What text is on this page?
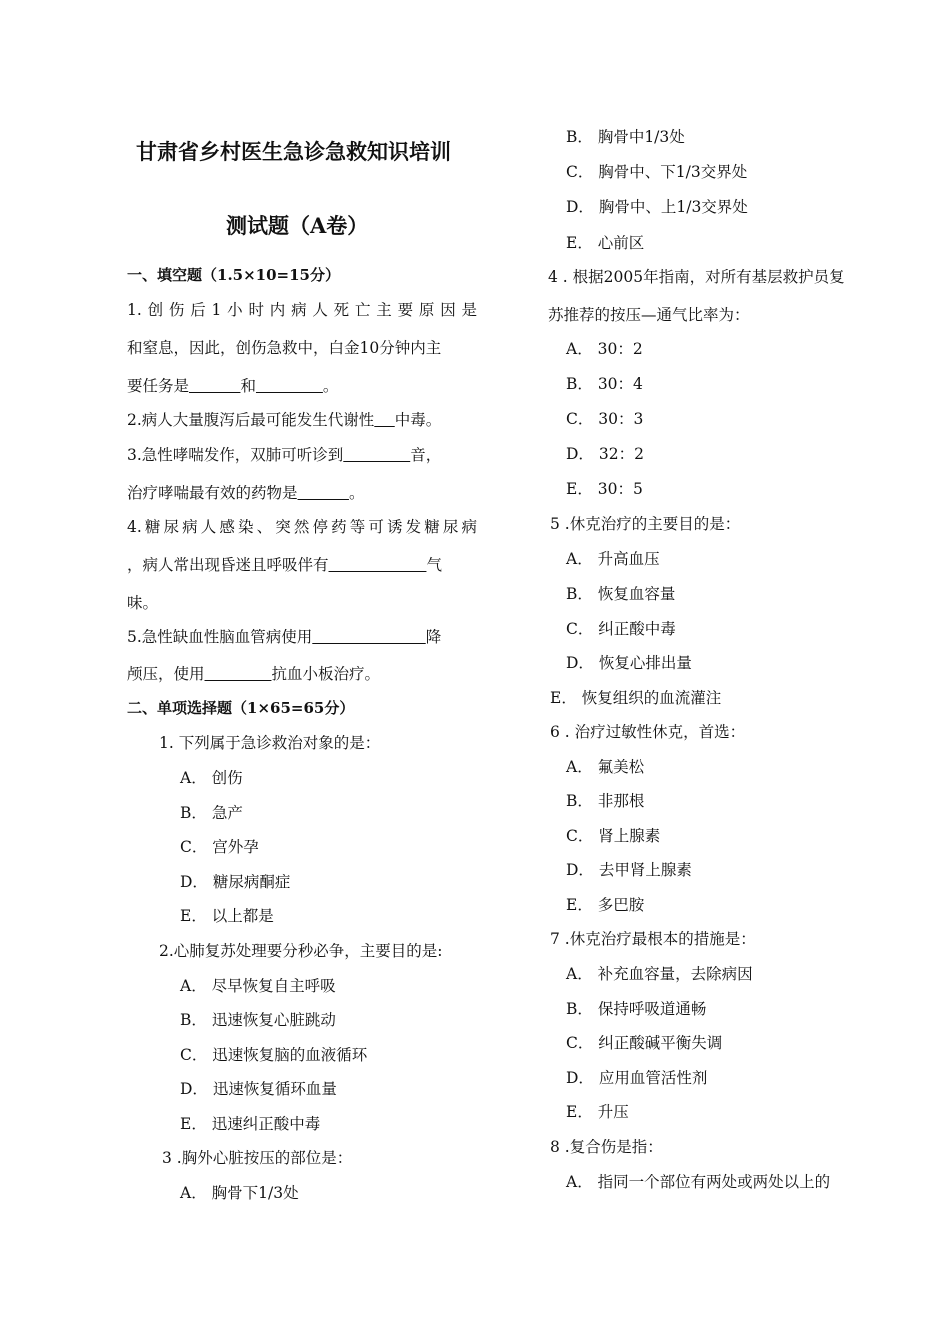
甘肃省乡村医生急诊急救知识培训
测试题（A卷）
一、填空题（1.5×10=15分）
1.创伤后1小时内病人死亡主要原因是
和窒息，因此，创伤急救中，白金10分钟内主
要任务是   	和    	。
2.病人大量腹泻后最可能发生代谢性   中毒。
3.急性哮喘发作，双肺可听诊到    	音，
治疗哮喘最有效的药物是   	。
4.糖尿病人感染、突然停药等可诱发糖尿病
，病人常出现昏迷且呼吸伴有      	气
味。
5.急性缺血性脑血管病使用       	降
颅压，使用    	抗血小板治疗。
二、单项选择题（1×65=65分）
1. 下列属于急诊救治对象的是：
A． 创伤
B． 急产
C． 宫外孕
D． 糖尿病酮症
E． 以上都是
2.心肺复苏处理要分秒必争，主要目的是:
A． 尽早恢复自主呼吸
B． 迅速恢复心脏跳动
C． 迅速恢复脑的血液循环
D． 迅速恢复循环血量
E． 迅速纠正酸中毒
3 .胸外心脏按压的部位是：
A． 胸骨下1/3处
B． 胸骨中1/3处
C． 胸骨中、下1/3交界处
D． 胸骨中、上1/3交界处
E． 心前区
4 . 根据2005年指南，对所有基层救护员复
苏推荐的按压—通气比率为：
A． 30：2
B． 30：4
C． 30：3
D． 32：2
E． 30：5
5 .休克治疗的主要目的是：
A． 升高血压
B． 恢复血容量
C． 纠正酸中毒
D． 恢复心排出量
E． 恢复组织的血流灌注
6 . 治疗过敏性休克，首选：
A． 氟美松
B． 非那根
C． 肾上腺素
D． 去甲肾上腺素
E． 多巴胺
7 .休克治疗最根本的措施是：
A． 补充血容量，去除病因
B． 保持呼吸道通畅
C． 纠正酸碱平衡失调
D． 应用血管活性剂
E． 升压
8 .复合伤是指：
A． 指同一个部位有两处或两处以上的
